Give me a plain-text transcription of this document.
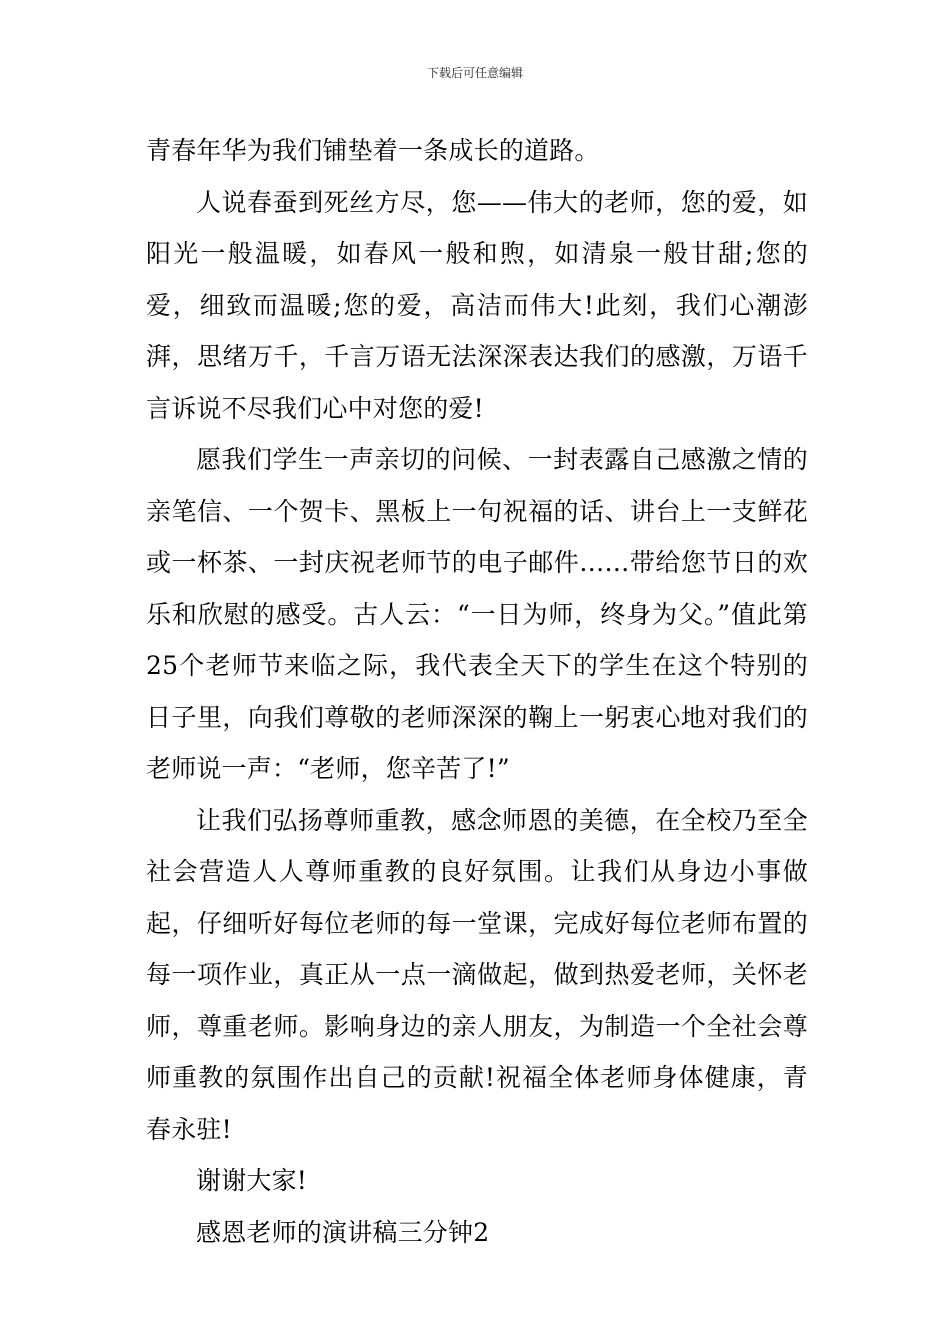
下载后可任意编辑

青春年华为我们铺垫着一条成长的道路。

人说春蚕到死丝方尽，您——伟大的老师，您的爱，如阳光一般温暖，如春风一般和煦，如清泉一般甘甜;您的爱，细致而温暖;您的爱，高洁而伟大!此刻，我们心潮澎湃，思绪万千，千言万语无法深深表达我们的感激，万语千言诉说不尽我们心中对您的爱!

愿我们学生一声亲切的问候、一封表露自己感激之情的亲笔信、一个贺卡、黑板上一句祝福的话、讲台上一支鲜花或一杯茶、一封庆祝老师节的电子邮件……带给您节日的欢乐和欣慰的感受。古人云：“一日为师，终身为父。”值此第25个老师节来临之际，我代表全天下的学生在这个特别的日子里，向我们尊敬的老师深深的鞠上一躬衷心地对我们的老师说一声：“老师，您辛苦了!”

让我们弘扬尊师重教，感念师恩的美德，在全校乃至全社会营造人人尊师重教的良好氛围。让我们从身边小事做起，仔细听好每位老师的每一堂课，完成好每位老师布置的每一项作业，真正从一点一滴做起，做到热爱老师，关怀老师，尊重老师。影响身边的亲人朋友，为制造一个全社会尊师重教的氛围作出自己的贡献!祝福全体老师身体健康，青春永驻!

谢谢大家!

感恩老师的演讲稿三分钟2
